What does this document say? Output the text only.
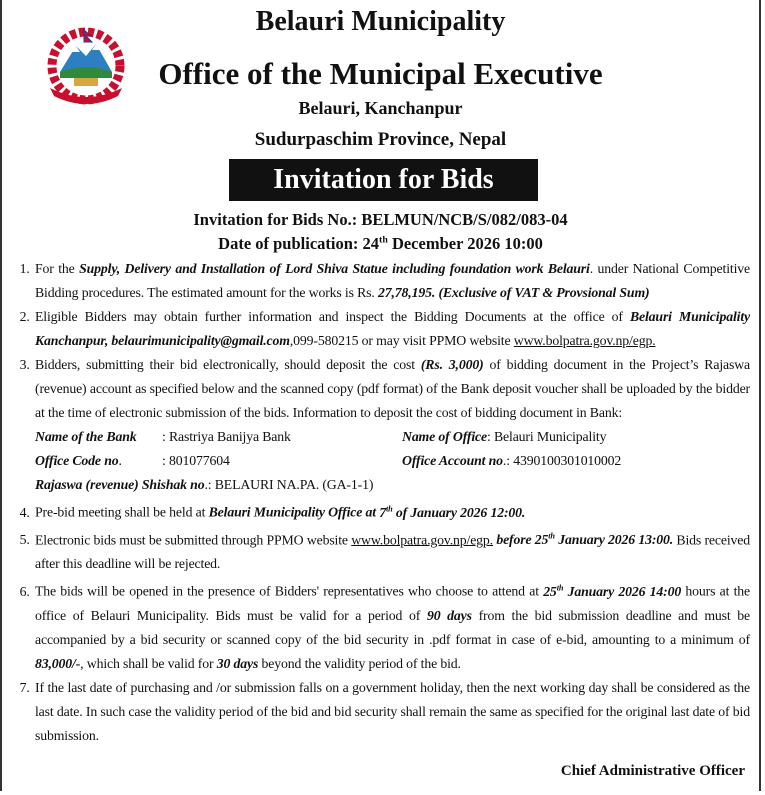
Belauri Municipality
Office of the Municipal Executive
Belauri, Kanchanpur
Sudurpaschim Province, Nepal
Invitation for Bids
Invitation for Bids No.: BELMUN/NCB/S/082/083-04
Date of publication: 24th December 2026 10:00
1. For the Supply, Delivery and Installation of Lord Shiva Statue including foundation work Belauri. under National Competitive Bidding procedures. The estimated amount for the works is Rs. 27,78,195. (Exclusive of VAT & Provsional Sum)
2. Eligible Bidders may obtain further information and inspect the Bidding Documents at the office of Belauri Municipality Kanchanpur, belaurimunicipality@gmail.com,099-580215 or may visit PPMO website www.bolpatra.gov.np/egp.
3. Bidders, submitting their bid electronically, should deposit the cost (Rs. 3,000) of bidding document in the Project’s Rajaswa (revenue) account as specified below and the scanned copy (pdf format) of the Bank deposit voucher shall be uploaded by the bidder at the time of electronic submission of the bids. Information to deposit the cost of bidding document in Bank:
Name of the Bank	: Rastriya Banijya Bank	Name of Office : Belauri Municipality
Office Code no.	: 801077604	Office Account no .: 4390100301010002
Rajaswa (revenue) Shishak no .: BELAURI NA.PA. (GA-1-1)
4. Pre-bid meeting shall be held at Belauri Municipality Office at 7th of January 2026 12:00.
5. Electronic bids must be submitted through PPMO website www.bolpatra.gov.np/egp. before 25th January 2026 13:00. Bids received after this deadline will be rejected.
6. The bids will be opened in the presence of Bidders' representatives who choose to attend at 25th January 2026 14:00 hours at the office of Belauri Municipality. Bids must be valid for a period of 90 days from the bid submission deadline and must be accompanied by a bid security or scanned copy of the bid security in .pdf format in case of e-bid, amounting to a minimum of 83,000/-, which shall be valid for 30 days beyond the validity period of the bid.
7. If the last date of purchasing and /or submission falls on a government holiday, then the next working day shall be considered as the last date. In such case the validity period of the bid and bid security shall remain the same as specified for the original last date of bid submission.
Chief Administrative Officer
